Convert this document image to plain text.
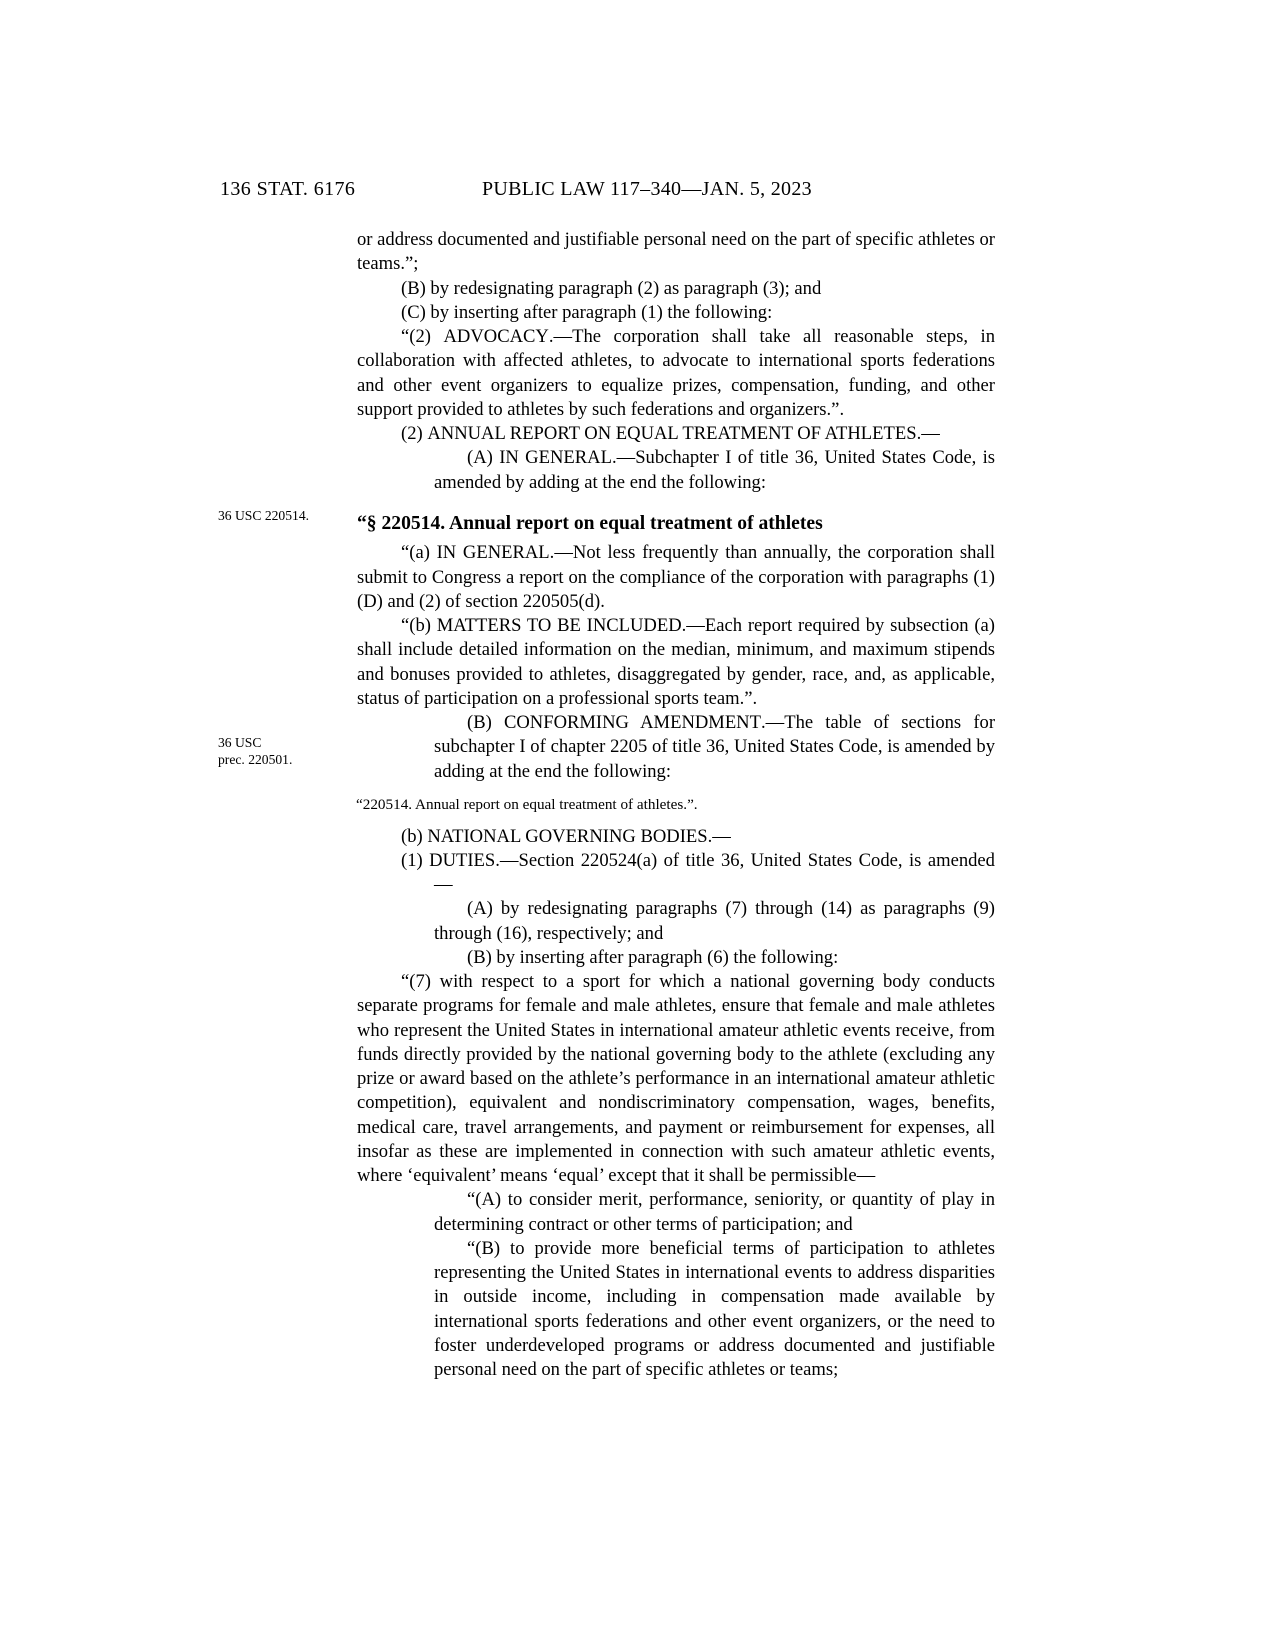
136 STAT. 6176	PUBLIC LAW 117–340—JAN. 5, 2023
36 USC 220514.
36 USC
prec. 220501.

or address documented and justifiable personal need on the part of specific athletes or teams.”;

(B) by redesignating paragraph (2) as paragraph (3); and

(C) by inserting after paragraph (1) the following:

“(2) ADVOCACY.—The corporation shall take all reasonable steps, in collaboration with affected athletes, to advocate to international sports federations and other event organizers to equalize prizes, compensation, funding, and other support provided to athletes by such federations and organizers.”.

(2) ANNUAL REPORT ON EQUAL TREATMENT OF ATHLETES.—

(A) IN GENERAL.—Subchapter I of title 36, United States Code, is amended by adding at the end the following:

“§ 220514. Annual report on equal treatment of athletes

“(a) IN GENERAL.—Not less frequently than annually, the corporation shall submit to Congress a report on the compliance of the corporation with paragraphs (1)(D) and (2) of section 220505(d).

“(b) MATTERS TO BE INCLUDED.—Each report required by subsection (a) shall include detailed information on the median, minimum, and maximum stipends and bonuses provided to athletes, disaggregated by gender, race, and, as applicable, status of participation on a professional sports team.”.

(B) CONFORMING AMENDMENT.—The table of sections for subchapter I of chapter 2205 of title 36, United States Code, is amended by adding at the end the following:

“220514. Annual report on equal treatment of athletes.”.

(b) NATIONAL GOVERNING BODIES.—

(1) DUTIES.—Section 220524(a) of title 36, United States Code, is amended—

(A) by redesignating paragraphs (7) through (14) as paragraphs (9) through (16), respectively; and

(B) by inserting after paragraph (6) the following:

“(7) with respect to a sport for which a national governing body conducts separate programs for female and male athletes, ensure that female and male athletes who represent the United States in international amateur athletic events receive, from funds directly provided by the national governing body to the athlete (excluding any prize or award based on the athlete’s performance in an international amateur athletic competition), equivalent and nondiscriminatory compensation, wages, benefits, medical care, travel arrangements, and payment or reimbursement for expenses, all insofar as these are implemented in connection with such amateur athletic events, where ‘equivalent’ means ‘equal’ except that it shall be permissible—

“(A) to consider merit, performance, seniority, or quantity of play in determining contract or other terms of participation; and

“(B) to provide more beneficial terms of participation to athletes representing the United States in international events to address disparities in outside income, including in compensation made available by international sports federations and other event organizers, or the need to foster underdeveloped programs or address documented and justifiable personal need on the part of specific athletes or teams;
